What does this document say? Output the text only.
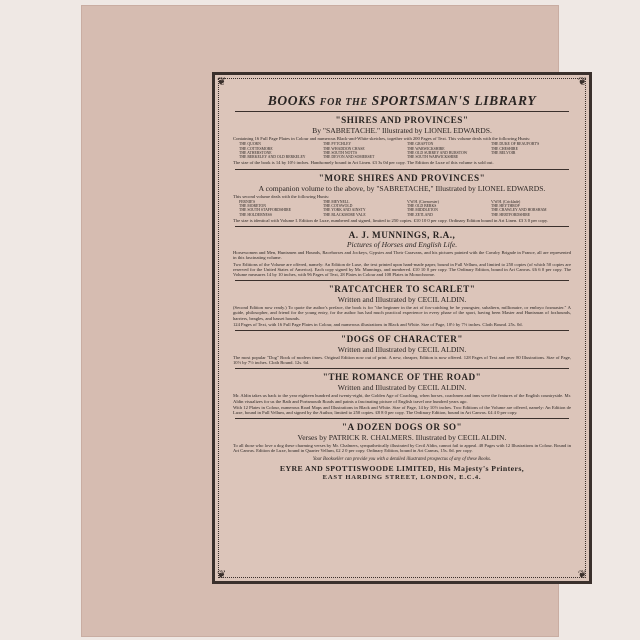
❦	❦
❦	❦
BOOKS FOR THE SPORTSMAN'S LIBRARY
"SHIRES AND PROVINCES"
By "SABRETACHE." Illustrated by LIONEL EDWARDS.
Containing 16 Full Page Plates in Colour and numerous Black-and-White sketches, together with 200 Pages of Text. This volume deals with the following Hunts:
THE QUORN	THE PYTCHLEY	THE GRAFTON	THE DUKE OF BEAUFORT'S
THE COTTESMORE	THE WHADDON CHASE	THE WARWICKSHIRE	THE CHESHIRE
THE ATHERSTONE	THE SOUTH NOTTS	THE OLD SURREY AND BURSTOW	THE BELVOIR
THE BERKELEY AND OLD BERKELEY	THE DEVON AND SOMERSET	THE SOUTH WARWICKSHIRE
The size of the book is 14 by 10½ inches. Handsomely bound in Art Linen. £3 3s 0d per copy. The Edition de Luxe of this volume is sold out.
"MORE SHIRES AND PROVINCES"
A companion volume to the above, by "SABRETACHE," Illustrated by LIONEL EDWARDS.
This second volume deals with the following Hunts:
FERNIE'S	THE MEYNELL	V.W.H. (Cirencester)	V.W.H. (Cricklade)
THE MORETON	THE COTSWOLD	THE OLD BERKS	THE HEYTHROP
THE SOUTH STAFFORDSHIRE	THE YORK AND AINSTY	THE MIDDLETON	THE CRAWLEY AND HORSHAM
THE HOLDERNESS	THE BLACKMORE VALE	THE ZETLAND	THE HERTFORDSHIRE
The size is identical with Volume I. Edition de Luxe, numbered and signed, limited to 250 copies. £10 10 0 per copy. Ordinary Edition bound in Art Linen. £3 3 0 per copy.
A. J. MUNNINGS, R.A.,
Pictures of Horses and English Life.
Horsewomen and Men, Huntsmen and Hounds, Racehorses and Jockeys, Gypsies and Their Caravans, and his pictures painted with the Cavalry Brigade in France, all are represented in this fascinating volume.
Two Editions of the Volume are offered, namely: An Edition de Luxe, the text printed upon hand-made paper, bound in Full Vellum, and limited to 250 copies (of which 50 copies are reserved for the United States of America). Each copy signed by Mr. Munnings, and numbered. £10 10 0 per copy. The Ordinary Edition, bound in Art Canvas. £6 6 0 per copy. The Volume measures 14 by 10 inches, with 96 Pages of Text, 28 Plates in Colour and 108 Plates in Monochrome.
"RATCATCHER TO SCARLET"
Written and Illustrated by CECIL ALDIN.
(Second Edition now ready.) To quote the author's preface, the book is for "the beginner in the art of fox-catching be he youngster, subaltern, millionaire, or embryo foxmaster." A guide, philosopher, and friend for the young entry, for the author has had much practical experience in every phase of the sport, having been Master and Huntsman of foxhounds, harriers, beagles, and basset hounds.
124 Pages of Text, with 16 Full Page Plates in Colour, and numerous illustrations in Black and White. Size of Page, 10½ by 7½ inches. Cloth Bound. 25s. 0d.
"DOGS OF CHARACTER"
Written and Illustrated by CECIL ALDIN.
The most popular "Dog" Book of modern times. Original Edition now out of print. A new, cheaper, Edition is now offered. 128 Pages of Text and over 80 Illustrations. Size of Page, 10½ by 7½ inches. Cloth Bound. 12s. 6d.
"THE ROMANCE OF THE ROAD"
Written and Illustrated by CECIL ALDIN.
Mr. Aldin takes us back to the year eighteen hundred and twenty-eight, the Golden Age of Coaching, when horses, coachmen and inns were the features of the English countryside. Mr. Aldin visualizes for us the Bath and Portsmouth Roads and paints a fascinating picture of English travel one hundred years ago.
With 12 Plates in Colour, numerous Road Maps and Illustrations in Black and White. Size of Page, 14 by 10½ inches. Two Editions of the Volume are offered, namely: An Edition de Luxe, bound in Full Vellum, and signed by the Author, limited to 250 copies. £8 8 0 per copy. The Ordinary Edition, bound in Art Canvas. £4 4 0 per copy.
"A DOZEN DOGS OR SO"
Verses by PATRICK R. CHALMERS. Illustrated by CECIL ALDIN.
To all those who love a dog these charming verses by Mr. Chalmers, sympathetically illustrated by Cecil Aldin, cannot fail to appeal. 48 Pages with 12 Illustrations in Colour. Bound in Art Canvas. Edition de Luxe, bound in Quarter Vellum, £2 2 0 per copy. Ordinary Edition, bound in Art Canvas, 15s. 0d. per copy.
Your Bookseller can provide you with a detailed illustrated prospectus of any of these Books.
EYRE AND SPOTTISWOODE LIMITED, His Majesty's Printers,
EAST HARDING STREET, LONDON, E.C.4.
